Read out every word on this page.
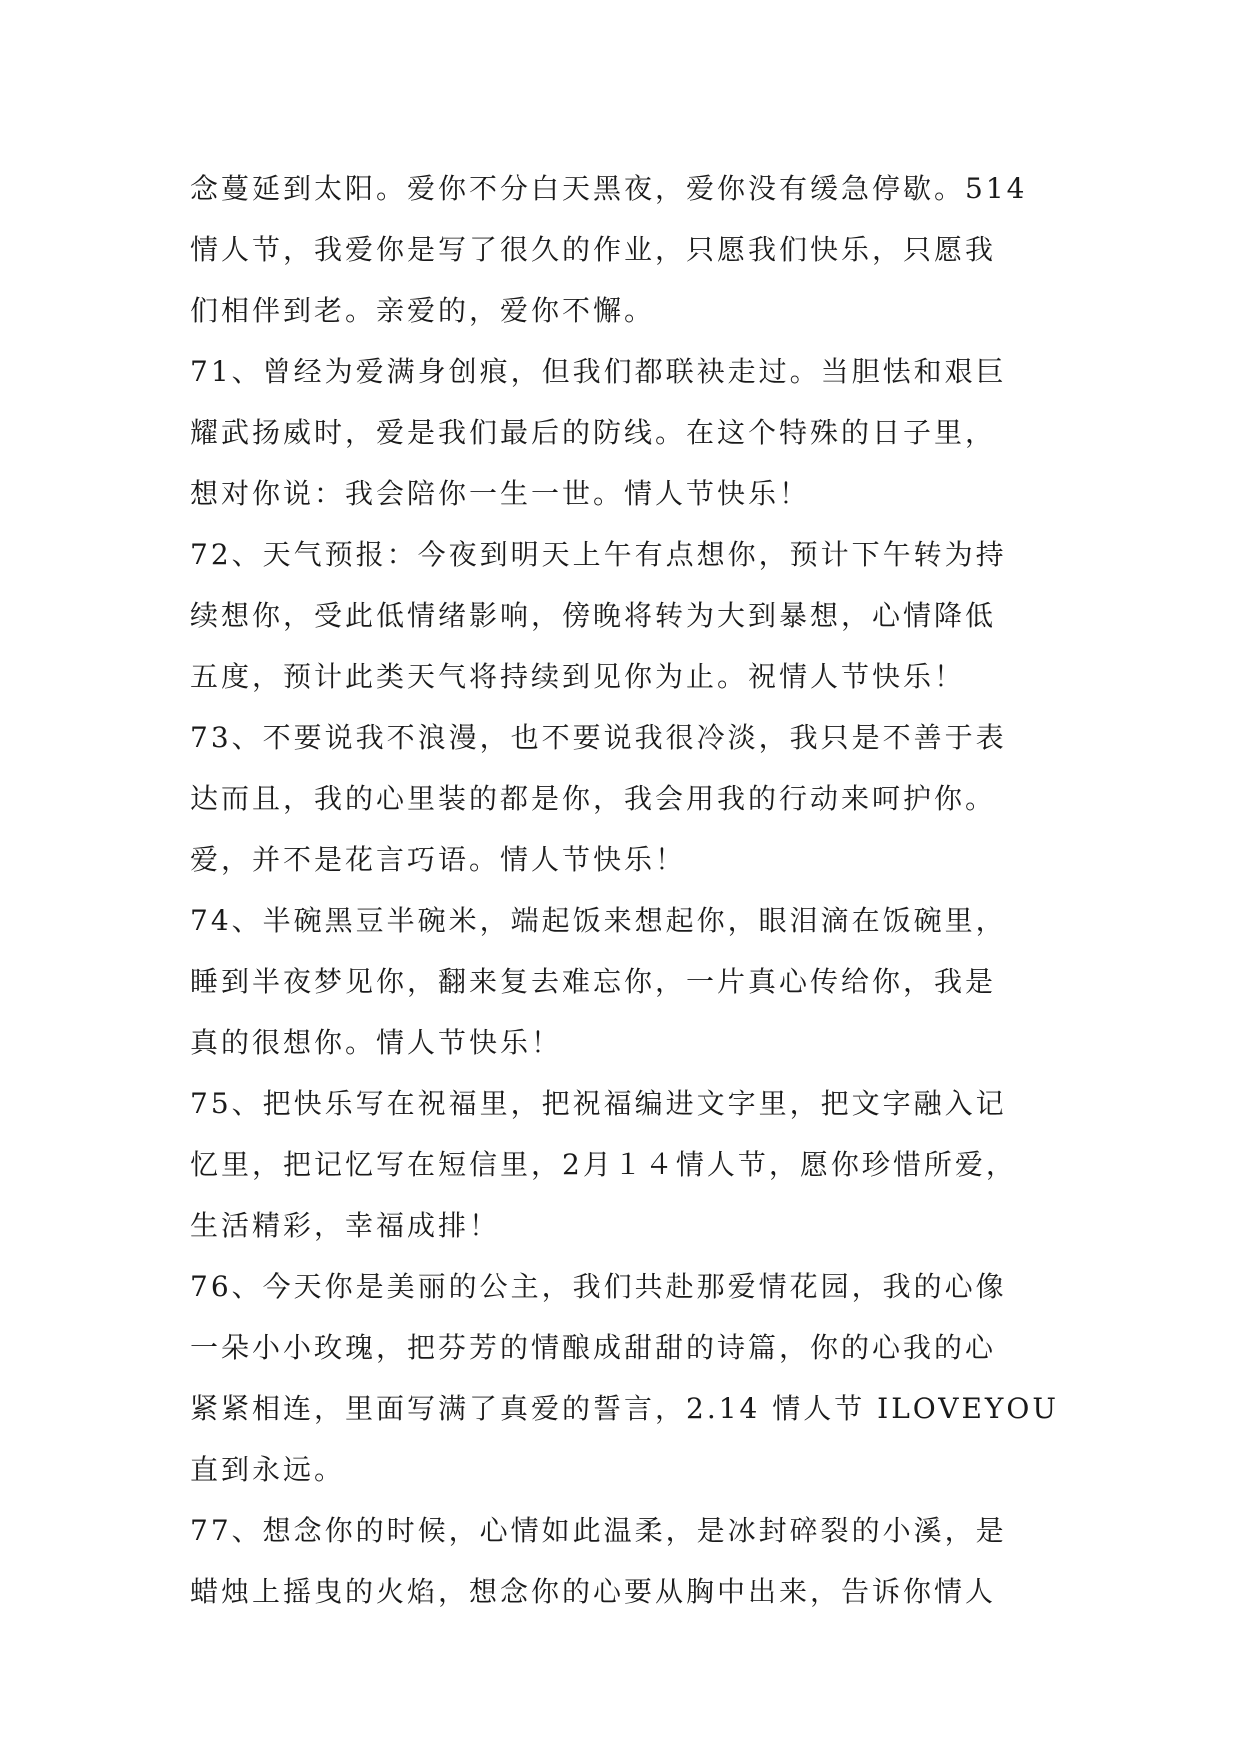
念蔓延到太阳。爱你不分白天黑夜，爱你没有缓急停歇。514
情人节，我爱你是写了很久的作业，只愿我们快乐，只愿我
们相伴到老。亲爱的，爱你不懈。
71、曾经为爱满身创痕，但我们都联袂走过。当胆怯和艰巨
耀武扬威时，爱是我们最后的防线。在这个特殊的日子里，
想对你说：我会陪你一生一世。情人节快乐！
72、天气预报：今夜到明天上午有点想你，预计下午转为持
续想你，受此低情绪影响，傍晚将转为大到暴想，心情降低
五度，预计此类天气将持续到见你为止。祝情人节快乐！
73、不要说我不浪漫，也不要说我很冷淡，我只是不善于表
达而且，我的心里装的都是你，我会用我的行动来呵护你。
爱，并不是花言巧语。情人节快乐！
74、半碗黑豆半碗米，端起饭来想起你，眼泪滴在饭碗里，
睡到半夜梦见你，翻来复去难忘你，一片真心传给你，我是
真的很想你。情人节快乐！
75、把快乐写在祝福里，把祝福编进文字里，把文字融入记
忆里，把记忆写在短信里，2月１４情人节，愿你珍惜所爱，
生活精彩，幸福成排！
76、今天你是美丽的公主，我们共赴那爱情花园，我的心像
一朵小小玫瑰，把芬芳的情酿成甜甜的诗篇，你的心我的心
紧紧相连，里面写满了真爱的誓言，2.14 情人节 ILOVEYOU
直到永远。
77、想念你的时候，心情如此温柔，是冰封碎裂的小溪，是
蜡烛上摇曳的火焰，想念你的心要从胸中出来，告诉你情人
